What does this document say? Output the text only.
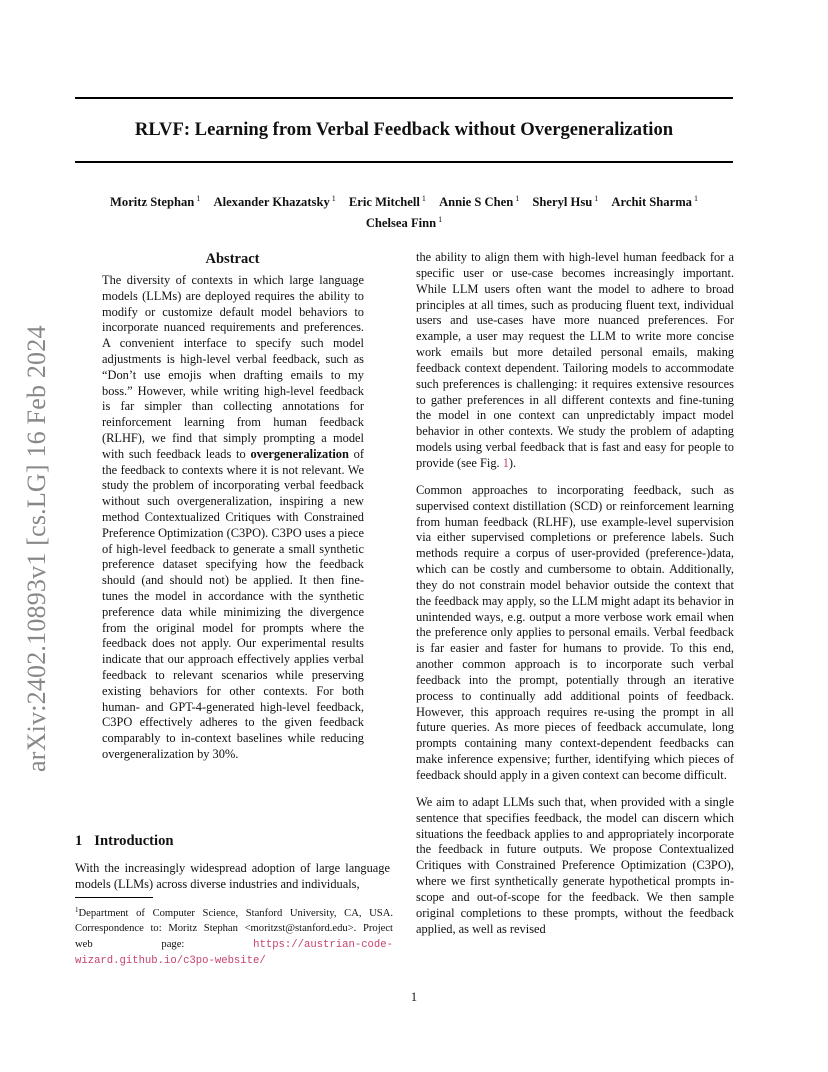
arXiv:2402.10893v1 [cs.LG] 16 Feb 2024
RLVF: Learning from Verbal Feedback without Overgeneralization
Moritz Stephan $^1$ Alexander Khazatsky $^1$ Eric Mitchell $^1$ Annie S Chen $^1$ Sheryl Hsu $^1$ Archit Sharma $^1$
Chelsea Finn $^1$
Abstract

The diversity of contexts in which large language models (LLMs) are deployed requires the ability to modify or customize default model behaviors to incorporate nuanced requirements and preferences. A convenient interface to specify such model adjustments is high-level verbal feedback, such as “Don’t use emojis when drafting emails to my boss.” However, while writing high-level feedback is far simpler than collecting annotations for reinforcement learning from human feedback (RLHF), we find that simply prompting a model with such feedback leads to overgeneralization of the feedback to contexts where it is not relevant. We study the problem of incorporating verbal feedback without such overgeneralization, inspiring a new method Contextualized Critiques with Constrained Preference Optimization (C3PO). C3PO uses a piece of high-level feedback to generate a small synthetic preference dataset specifying how the feedback should (and should not) be applied. It then fine-tunes the model in accordance with the synthetic preference data while minimizing the divergence from the original model for prompts where the feedback does not apply. Our experimental results indicate that our approach effectively applies verbal feedback to relevant scenarios while preserving existing behaviors for other contexts. For both human- and GPT-4-generated high-level feedback, C3PO effectively adheres to the given feedback comparably to in-context baselines while reducing overgeneralization by 30%.

1 Introduction

With the increasingly widespread adoption of large language models (LLMs) across diverse industries and individuals,

$^1$Department of Computer Science, Stanford University, CA, USA. Correspondence to: Moritz Stephan <moritzst@stanford.edu>. Project web page:	https://austrian-code-wizard.github.io/c3po-website/

the ability to align them with high-level human feedback for a specific user or use-case becomes increasingly important. While LLM users often want the model to adhere to broad principles at all times, such as producing fluent text, individual users and use-cases have more nuanced preferences. For example, a user may request the LLM to write more concise work emails but more detailed personal emails, making feedback context dependent. Tailoring models to accommodate such preferences is challenging: it requires extensive resources to gather preferences in all different contexts and fine-tuning the model in one context can unpredictably impact model behavior in other contexts. We study the problem of adapting models using verbal feedback that is fast and easy for people to provide (see Fig. 1).

Common approaches to incorporating feedback, such as supervised context distillation (SCD) or reinforcement learning from human feedback (RLHF), use example-level supervision via either supervised completions or preference labels. Such methods require a corpus of user-provided (preference-)data, which can be costly and cumbersome to obtain. Additionally, they do not constrain model behavior outside the context that the feedback may apply, so the LLM might adapt its behavior in unintended ways, e.g. output a more verbose work email when the preference only applies to personal emails. Verbal feedback is far easier and faster for humans to provide. To this end, another common approach is to incorporate such verbal feedback into the prompt, potentially through an iterative process to continually add additional points of feedback. However, this approach requires re-using the prompt in all future queries. As more pieces of feedback accumulate, long prompts containing many context-dependent feedbacks can make inference expensive; further, identifying which pieces of feedback should apply in a given context can become difficult.

We aim to adapt LLMs such that, when provided with a single sentence that specifies feedback, the model can discern which situations the feedback applies to and appropriately incorporate the feedback in future outputs. We propose Contextualized Critiques with Constrained Preference Optimization (C3PO), where we first synthetically generate hypothetical prompts in-scope and out-of-scope for the feedback. We then sample original completions to these prompts, without the feedback applied, as well as revised

1
